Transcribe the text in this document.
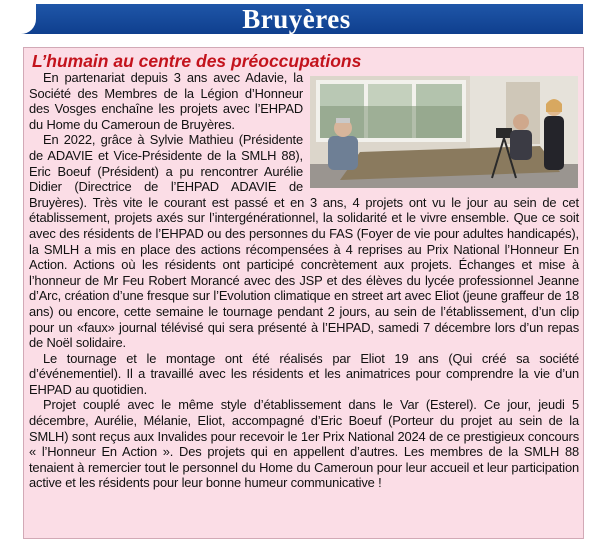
Bruyères
L’humain au centre des préoccupations

En partenariat depuis 3 ans avec Adavie, la Société des Membres de la Légion d’Honneur des Vosges enchaîne les projets avec l’EHPAD du Home du Cameroun de Bruyères.

En 2022, grâce à Sylvie Mathieu (Présidente de ADAVIE et Vice-Présidente de la SMLH 88), Eric Boeuf (Président) a pu rencontrer Aurélie Didier (Directrice de l’EHPAD ADAVIE de Bruyères). Très vite le courant est passé et en 3 ans, 4 projets ont vu le jour au sein de cet établissement, projets axés sur l’intergénérationnel, la solidarité et le vivre ensemble. Que ce soit avec des résidents de l’EHPAD ou des personnes du FAS (Foyer de vie pour adultes handicapés), la SMLH a mis en place des actions récompensées à 4 reprises au Prix National l’Honneur En Action. Actions où les résidents ont participé concrètement aux projets. Échanges et mise à l’honneur de Mr Feu Robert Morancé avec des JSP et des élèves du lycée professionnel Jeanne d’Arc, création d’une fresque sur l’Evolution climatique en street art avec Eliot (jeune graffeur de 18 ans) ou encore, cette semaine le tournage pendant 2 jours, au sein de l’établissement, d’un clip pour un «faux» journal télévisé qui sera présenté à l’EHPAD, samedi 7 décembre lors d’un repas de Noël solidaire.

Le tournage et le montage ont été réalisés par Eliot 19 ans (Qui créé sa société d’événementiel). Il a travaillé avec les résidents et les animatrices pour comprendre la vie d’un EHPAD au quotidien.

Projet couplé avec le même style d’établissement dans le Var (Esterel). Ce jour, jeudi 5 décembre, Aurélie, Mélanie, Eliot, accompagné d’Eric Boeuf (Porteur du projet au sein de la SMLH) sont reçus aux Invalides pour recevoir le 1er Prix National 2024 de ce prestigieux concours « l’Honneur En Action ». Des projets qui en appellent d’autres. Les membres de la SMLH 88 tenaient à remercier tout le personnel du Home du Cameroun pour leur accueil et leur participation active et les résidents pour leur bonne humeur communicative !
